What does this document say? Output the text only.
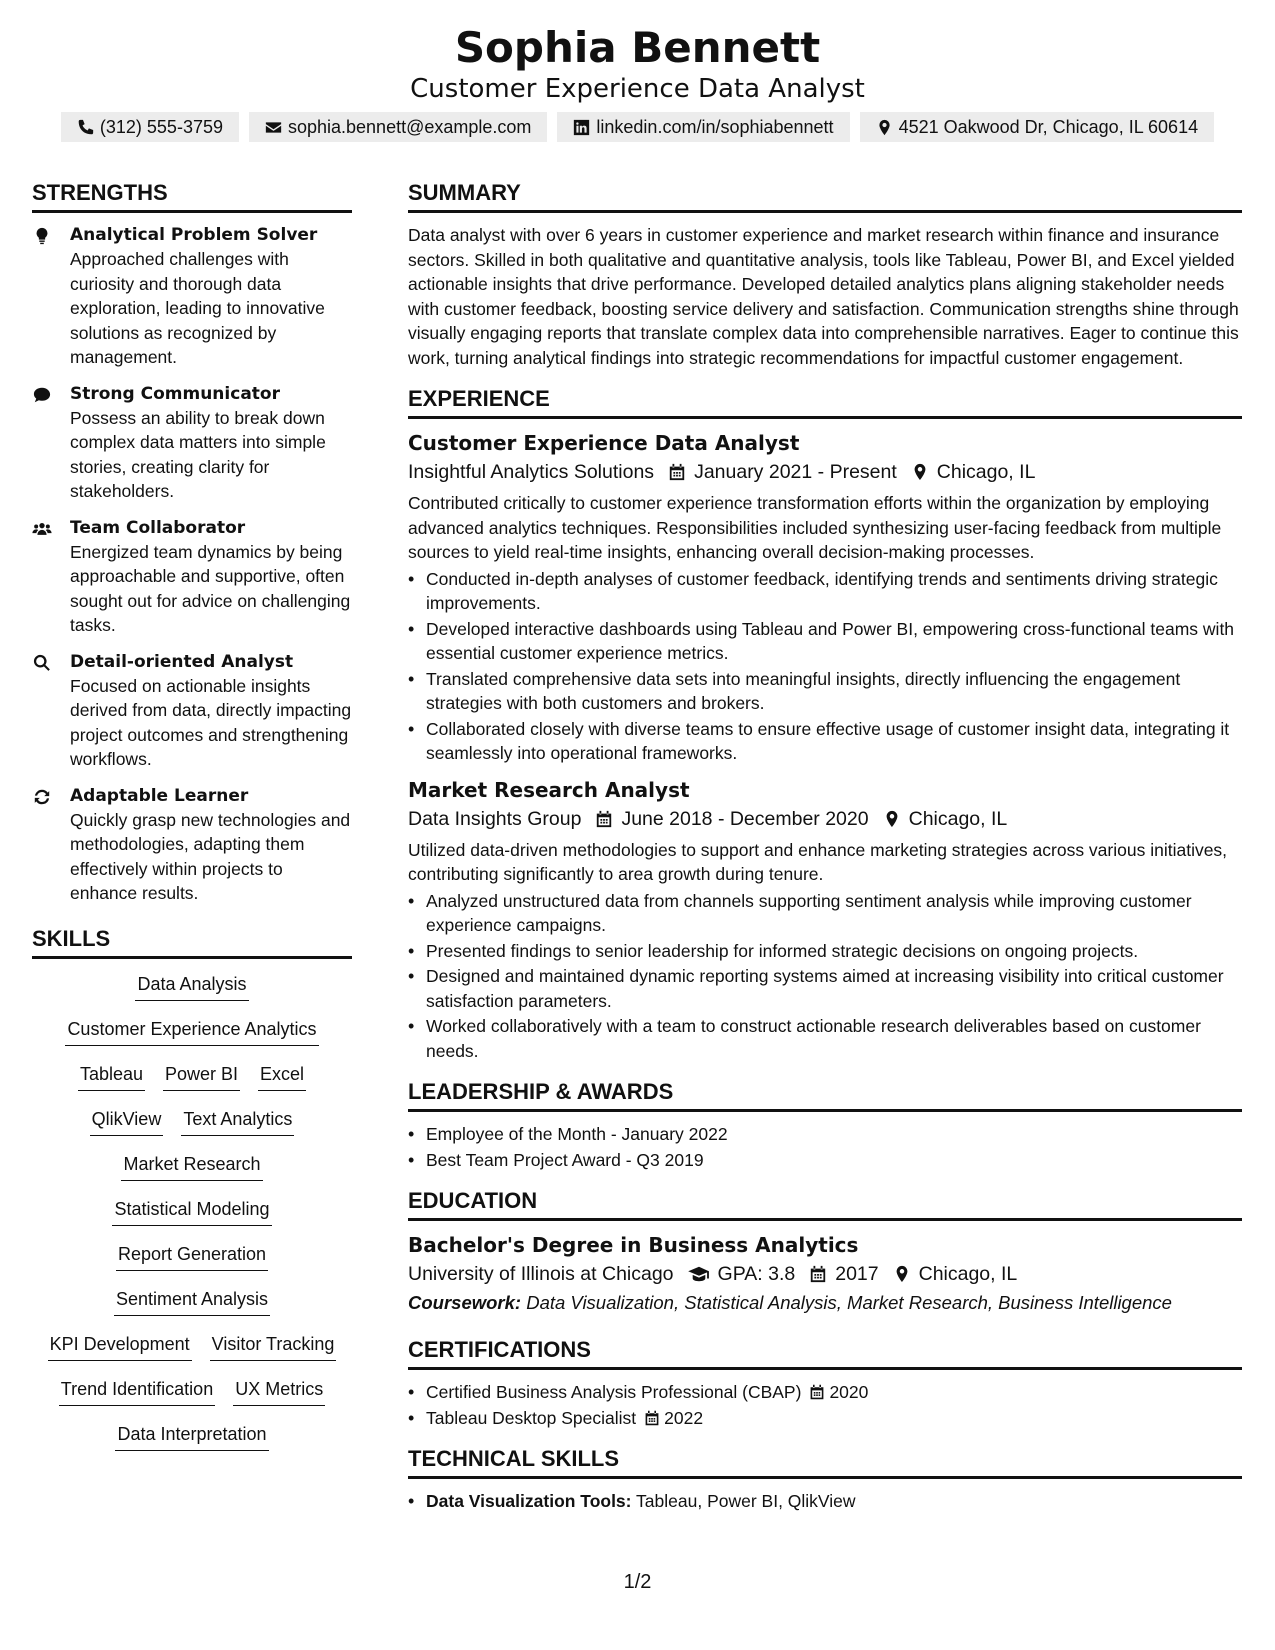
Sophia Bennett
Customer Experience Data Analyst
(312) 555-3759	sophia.bennett@example.com	linkedin.com/in/sophiabennett	4521 Oakwood Dr, Chicago, IL 60614
STRENGTHS
Analytical Problem Solver
Approached challenges with curiosity and thorough data exploration, leading to innovative solutions as recognized by management.
Strong Communicator
Possess an ability to break down complex data matters into simple stories, creating clarity for stakeholders.
Team Collaborator
Energized team dynamics by being approachable and supportive, often sought out for advice on challenging tasks.
Detail-oriented Analyst
Focused on actionable insights derived from data, directly impacting project outcomes and strengthening workflows.
Adaptable Learner
Quickly grasp new technologies and methodologies, adapting them effectively within projects to enhance results.
SKILLS
Data Analysis
Customer Experience Analytics
Tableau Power BI Excel
QlikView Text Analytics
Market Research
Statistical Modeling
Report Generation
Sentiment Analysis
KPI Development Visitor Tracking
Trend Identification UX Metrics
Data Interpretation
SUMMARY
Data analyst with over 6 years in customer experience and market research within finance and insurance sectors. Skilled in both qualitative and quantitative analysis, tools like Tableau, Power BI, and Excel yielded actionable insights that drive performance. Developed detailed analytics plans aligning stakeholder needs with customer feedback, boosting service delivery and satisfaction. Communication strengths shine through visually engaging reports that translate complex data into comprehensible narratives. Eager to continue this work, turning analytical findings into strategic recommendations for impactful customer engagement.
EXPERIENCE
Customer Experience Data Analyst
Insightful Analytics Solutions January 2021 - Present Chicago, IL
Contributed critically to customer experience transformation efforts within the organization by employing advanced analytics techniques. Responsibilities included synthesizing user-facing feedback from multiple sources to yield real-time insights, enhancing overall decision-making processes.
• Conducted in-depth analyses of customer feedback, identifying trends and sentiments driving strategic improvements.
• Developed interactive dashboards using Tableau and Power BI, empowering cross-functional teams with essential customer experience metrics.
• Translated comprehensive data sets into meaningful insights, directly influencing the engagement strategies with both customers and brokers.
• Collaborated closely with diverse teams to ensure effective usage of customer insight data, integrating it seamlessly into operational frameworks.
Market Research Analyst
Data Insights Group June 2018 - December 2020 Chicago, IL
Utilized data-driven methodologies to support and enhance marketing strategies across various initiatives, contributing significantly to area growth during tenure.
• Analyzed unstructured data from channels supporting sentiment analysis while improving customer experience campaigns.
• Presented findings to senior leadership for informed strategic decisions on ongoing projects.
• Designed and maintained dynamic reporting systems aimed at increasing visibility into critical customer satisfaction parameters.
• Worked collaboratively with a team to construct actionable research deliverables based on customer needs.
LEADERSHIP & AWARDS
• Employee of the Month - January 2022
• Best Team Project Award - Q3 2019
EDUCATION
Bachelor's Degree in Business Analytics
University of Illinois at Chicago GPA: 3.8 2017 Chicago, IL
Coursework: Data Visualization, Statistical Analysis, Market Research, Business Intelligence
CERTIFICATIONS
• Certified Business Analysis Professional (CBAP) 2020
• Tableau Desktop Specialist 2022
TECHNICAL SKILLS
• Data Visualization Tools: Tableau, Power BI, QlikView
1/2
